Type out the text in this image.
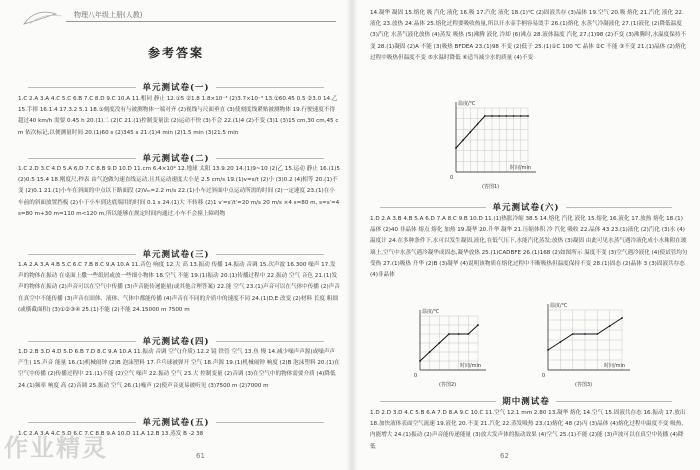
物理八年级上册(人教)
参考答案
单元测试卷(一)
1.C 2.A 3.A 4.C 5.C 6.B 7.C 8.D 9.C 10.A 11.相同 静止 12.①5 ②1.8 1.8×10⁻³ (2)3.7×10⁻³ 13.①60.45 0.5 ②3.0 14.乙 15.手摔 16.1.4 17.3.2 5.1 18.①刻度没有与被测物体一端对齐 (2)视线与尺面垂直 (3)使刻度线紧贴被测物体 19.行驶速度不得超过40 km/h 需要 0.45 h 20.(1)二 (2)C 21.(1)控制变量法 (2)运动不快 (3)不会 22.(1)4 (2)不变 (3)1 (3)15 cm,30 cm,45 cm 依次标记,以便测量时间 20.(1)60 s (2)345 s 21.(1)4 min (2)1.5 min (3)21.5 min
单元测试卷(二)
1.C 2.D 3.C 4.D 5.A 6.D 7.C 8.B 9.D 10.D 11.cm 6.4×10⁹ 12.地球 太阳 13.9.20 14.(1)9~10 (2)乙 15.运动 静止 16.(1)5 (2)0.5 15.4 18.刚度尺,秒表 由气泡做匀速直线运动,且其运动速度大小是 2.5 cm/s 19.(1)v=s/t (2)小 (3)0.2 (4)相等 20.(1)不变 (2)0.1 21.(1)小车在斜面的中点以下路面段 (2)Vₘ=2.2 m/s 22.(1)小车过斜面中点运动所需的时间 (2)一定速度 23.(1)在小车前的斜面放置挡板 (2)小于小车到达底端用的时间 0.1 s 24.(1)大 不转移 (2)1 v′=s′/t′=20 m/s 20 m/s ×4 s=80 m, s=s′=4 s=80 m+30 m=110 m<120 m,所以能够在规定时间内通过,小车不会撞上障碍物
单元测试卷(三)
1.A 2.A 3.A 4.B 5.C 6.C 7.B 8.C 9.A 10.A 11.音色 响度 12.大 高 13.振动 传播 14.振动 音调 15.次声波 16.300 噪声 17.发声的物体在振动 在桌面上撒一些纸屑或放一些细小物体 18.空气 不能 19.(1)振动 20.(1)传播过程中 22.振动 空气 音色 21.(1)发声的物体在振动 (2)声音可以在空气中传播 (3)声音能传递能量(或其他合理答案) 22.能 空气 23.(1)声音可以在气体中传播 (2)声音在真空中不能传播 (3)声音在固体、液体、气体中都能传播 (4)声音在不同的介质中的速度不同 24.(1)D,E 改变 (2)材料 长度 粗细(或横截面积) (3)①②③④ 25.(1)不能 (2)不能 24.15000 m 7500 m
单元测试卷(四)
1.D 2.B 3.D 4.D 5.D 6.B 7.D 8.C 9.A 10.A 11.振动 音调 空气(介质) 12.2 镜 铁管 空气 13.鱼 慢 14.减少噪声声源(或噪声声产生) 15.声音 能量 16.(1)机械闹钟 (2)B 泡沫塑料 17.乒乓球被弹开 空气 18.声源 19.(1)机械闹钟 响度 (2)B 泡沫塑料 20.(1)在空气中传播 (2)传播过程中 21.(1)不能 (2)空气 噪声 22.振动 空气 23.大 控制变量 (2)音调 (3)在空气中的物体需要介质 (4)降低 24.(1)频率 响度 高 (2)音调 25.振动 空气 26.(1)噪声 (2)使声音更易被听见 (3)7500 m (2)7000 m
单元测试卷(五)
1.C 2.A 3.A 4.C 5.D 6.C 7.C 8.B 9.A 10.D 11.A 12.B 13.蒸发 B -2 38
作业精灵	61
14.凝华 凝固 15.熔化 吸 汽化 液化 16.吸 17.汽化 液化 18.(1)℃ (2)固液共存 (3)晶体 19.空气 20.吸 熔化 21.汽化 液化 22.液化 23.放热 24.晶体 25.熔化过程要吸收热量,所以开水壶手柄容易烫手 26.(1)熔化 水蒸气冷凝液化 27.(1)液化 (2)降低温度 (3)汽化 水蒸气液化放热 (4)蒸发 吸热 (5)沸腾 液化 冷却 (6)沸点 28.液体温度 汽化 27.(1)98 (2)不变 (3)沸腾时,水温度保持不变 28.(1)凝固 (2)A 不能 (3)吸热 BFDEA 23.(1)98 不变 (2)低于 25.(1)①C 100 ℃ 晶体 ②C 不能 ③不变 21.(1)晶体 (2)熔化过程中吸热但温度不变 ⑤水温时降低 ⑥适当减少水的质量 (4)不变
温度/℃
时间/min
0
(答图1)
单元测试卷(六)
1.D 2.A 3.B 4.B 5.A 6.D 7.A 8.C 9.B 10.D 11.(1)热胀冷缩 38.5 14.熔化 汽化 液化 15.熔化 16.液化 17.放热 熔化 18.(1)晶体 (2)40 非晶体 熔点 熔化 加热 19.凝华 20.升华 凝华 21.压缩体积 冷 汽化 吸收 22.晶体 43 23.(1)液化 (2)汽化 (3)水 (4)温度计 24.在多种条件下,水可以发生凝固,液化,在低气压下,水能汽化蒸发;放热 (3)凝固 由此可见水蒸气遇冷液化成小水珠附在玻璃上,空气中水蒸气遇冷凝华成固态,凝华放热 25.(1)CADBFE 26.(1)168 (2)如图所示 温度不变 (3)空气遇冷液化 (4)使试管均匀受热 27.(1)吸热 升华 (2)B (3)凝华 (4)说明该物质在熔化过程中不断吸热但温度保持不变 28.(1)固态 (2)晶体 3 (3)固液共存态 (4)非晶体
温度/℃
时间/min
0
(答图2)
温度/℃
时间/min
0
(答图3)
期中测试卷
1.D 2.D 3.D 4.C 5.B 6.A 7.D 8.A 9.C 10.C 11.空气 12.1 mm 2.80 13.凝华 熔化 14.空气 15.固液共存态 16.振动 17.放出 18.加快液体表面空气流速 19.液化 20.不变 21.汽化 22.蒸发吸热 23.(1)熔化 48 (2)丙 (3)晶体 (4)熔化过程中温度不变 吸热,内能增大 24.(1)振动 (2)声音能传递能量 (3)放大发声体的振动效果 (4)空气 25.(1)不能 (2)能 (3)声波可以在真空中传播 (4)降低
62
